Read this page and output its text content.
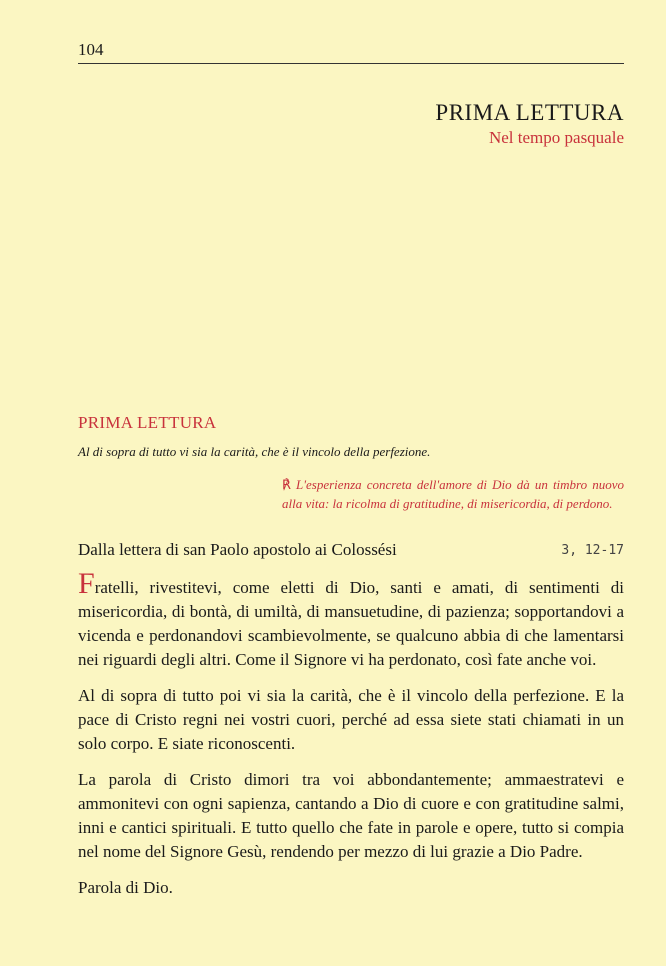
104
PRIMA LETTURA
Nel tempo pasquale
PRIMA LETTURA
Al di sopra di tutto vi sia la carità, che è il vincolo della perfezione.
℟ L'esperienza concreta dell'amore di Dio dà un timbro nuovo alla vita: la ricolma di gratitudine, di misericordia, di perdono.
Dalla lettera di san Paolo apostolo ai Colossési	3, 12-17

Fratelli, rivestitevi, come eletti di Dio, santi e amati, di sentimenti di misericordia, di bontà, di umiltà, di mansuetudine, di pazienza; sopportandovi a vicenda e perdonandovi scambievolmente, se qualcuno abbia di che lamentarsi nei riguardi degli altri. Come il Signore vi ha perdonato, così fate anche voi.

Al di sopra di tutto poi vi sia la carità, che è il vincolo della perfezione. E la pace di Cristo regni nei vostri cuori, perché ad essa siete stati chiamati in un solo corpo. E siate riconoscenti.

La parola di Cristo dimori tra voi abbondantemente; ammaestratevi e ammonitevi con ogni sapienza, cantando a Dio di cuore e con gratitudine salmi, inni e cantici spirituali. E tutto quello che fate in parole e opere, tutto si compia nel nome del Signore Gesù, rendendo per mezzo di lui grazie a Dio Padre.

Parola di Dio.
